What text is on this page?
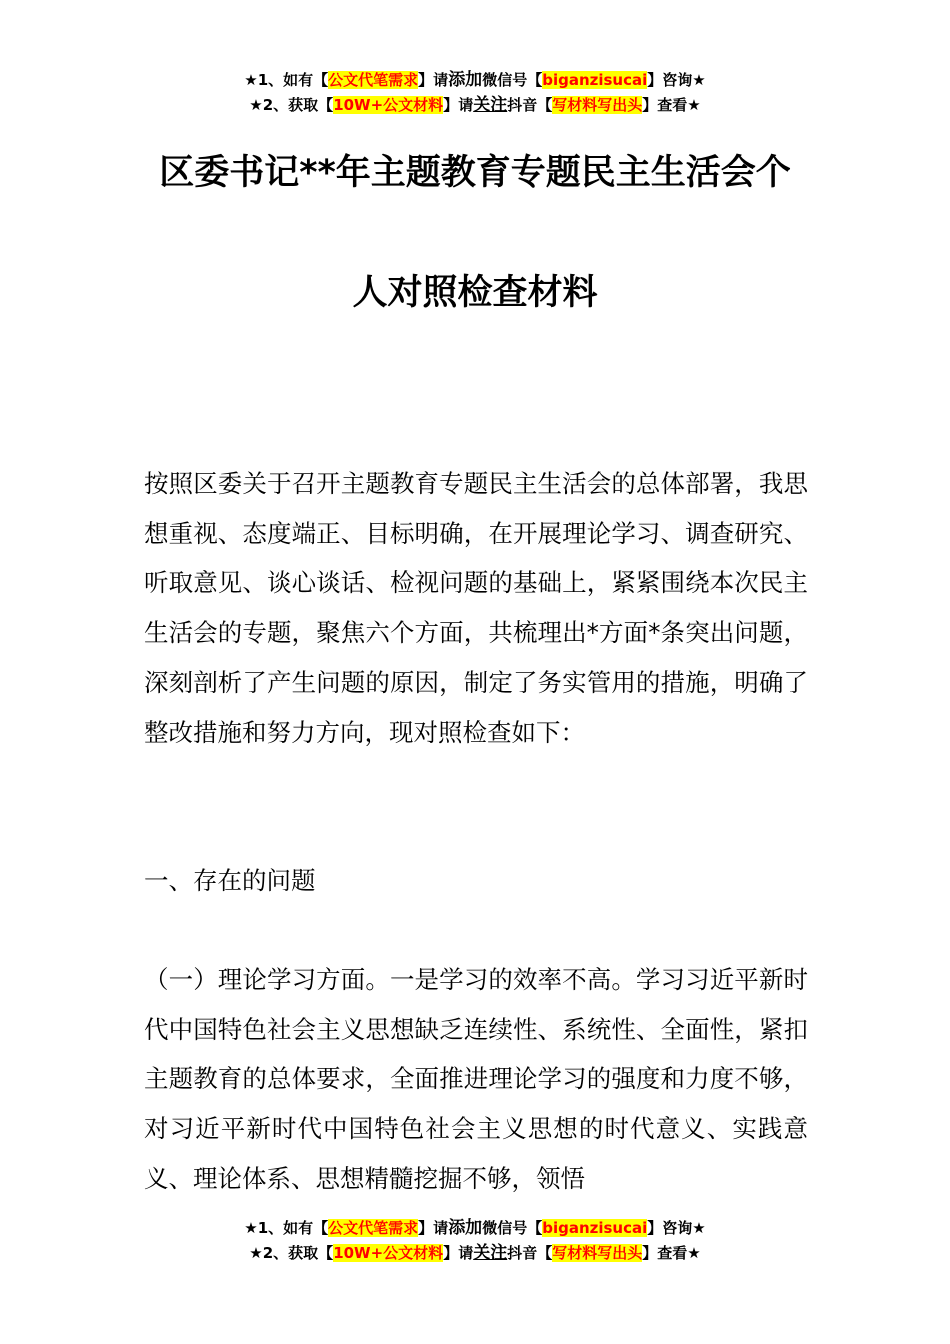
★1、如有【公文代笔需求】请添加微信号【biganzisucai】咨询★
★2、获取【10W+公文材料】请关注抖音【写材料写出头】查看★
区委书记**年主题教育专题民主生活会个
人对照检查材料

按照区委关于召开主题教育专题民主生活会的总体部署，我思想重视、态度端正、目标明确，在开展理论学习、调查研究、听取意见、谈心谈话、检视问题的基础上，紧紧围绕本次民主生活会的专题，聚焦六个方面，共梳理出*方面*条突出问题，深刻剖析了产生问题的原因，制定了务实管用的措施，明确了整改措施和努力方向，现对照检查如下：

一、存在的问题

（一）理论学习方面。一是学习的效率不高。学习习近平新时代中国特色社会主义思想缺乏连续性、系统性、全面性，紧扣主题教育的总体要求，全面推进理论学习的强度和力度不够，对习近平新时代中国特色社会主义思想的时代意义、实践意义、理论体系、思想精髓挖掘不够，领悟

★1、如有【公文代笔需求】请添加微信号【biganzisucai】咨询★
★2、获取【10W+公文材料】请关注抖音【写材料写出头】查看★
